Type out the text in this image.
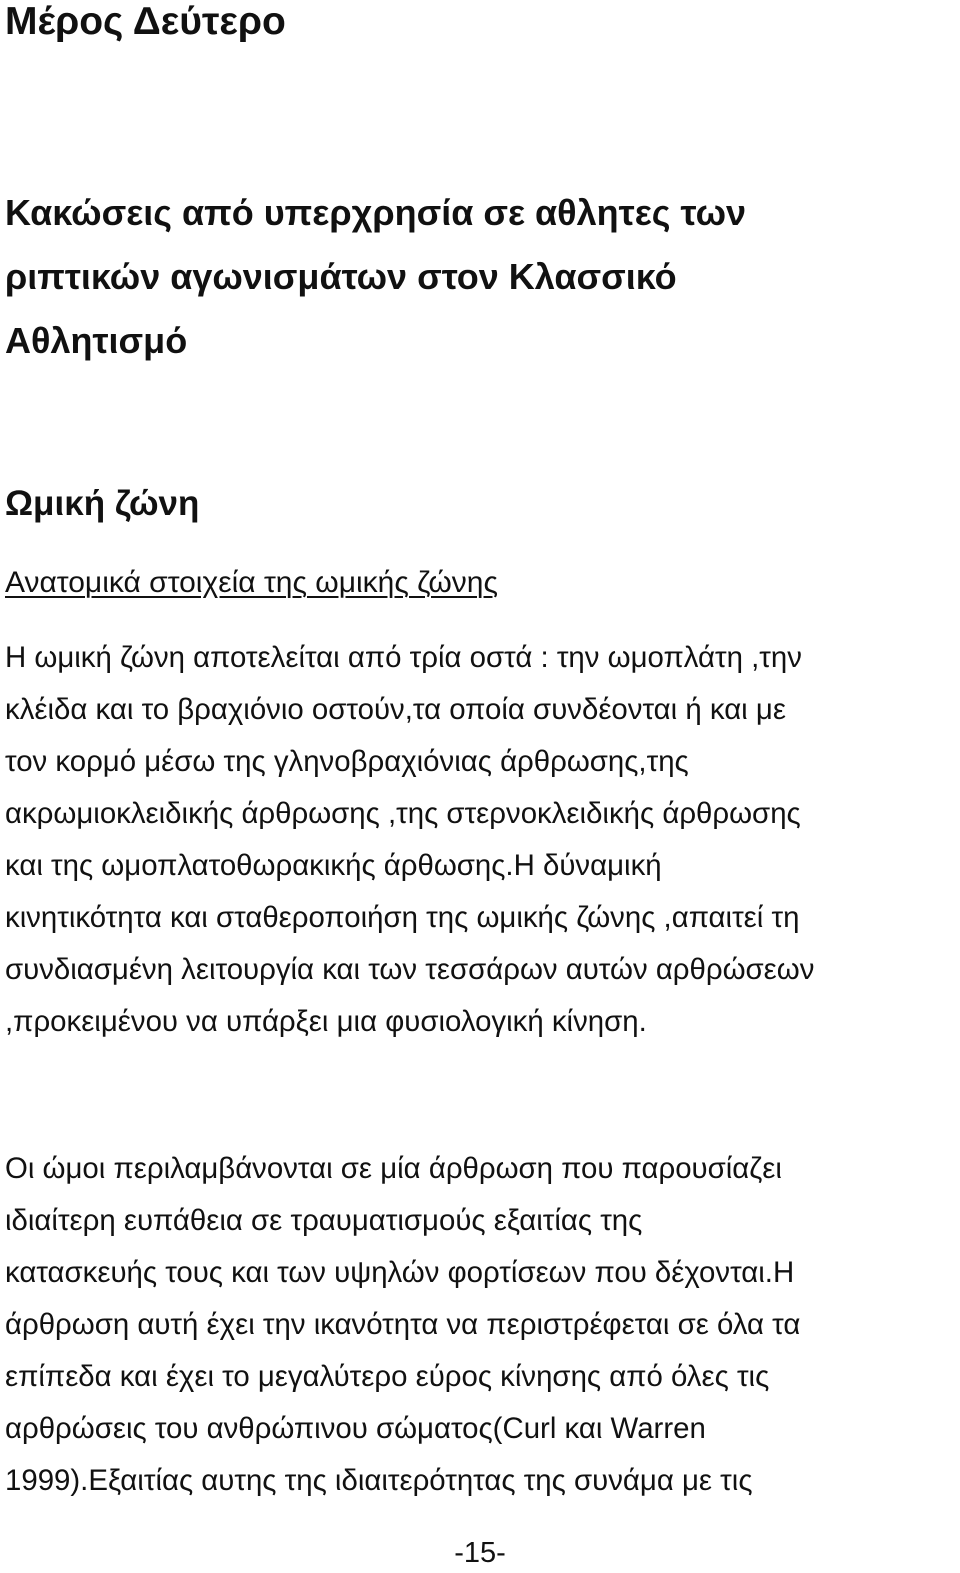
Μέρος Δεύτερο
Κακώσεις από υπερχρησία σε αθλητες των
ριπτικών αγωνισμάτων στον Κλασσικό
Αθλητισμό
Ωμική ζώνη
Ανατομικά στοιχεία της ωμικής ζώνης

Η ωμική ζώνη αποτελείται από τρία οστά : την ωμοπλάτη ,την
κλέιδα και το βραχιόνιο οστούν,τα οποία συνδέονται ή και με
τον κορμό μέσω της γληνοβραχιόνιας άρθρωσης,της
ακρωμιοκλειδικής άρθρωσης ,της στερνοκλειδικής άρθρωσης
και της ωμοπλατοθωρακικής άρθωσης.Η δύναμική
κινητικότητα και σταθεροποιήση της ωμικής ζώνης ,απαιτεί τη
συνδιασμένη λειτουργία και των τεσσάρων αυτών αρθρώσεων
,προκειμένου να υπάρξει μια φυσιολογική κίνηση.

Οι ώμοι περιλαμβάνονται σε μία άρθρωση που παρουσίαζει
ιδιαίτερη ευπάθεια σε τραυματισμούς εξαιτίας της
κατασκευής τους και των υψηλών φορτίσεων που δέχονται.Η
άρθρωση αυτή έχει την ικανότητα να περιστρέφεται σε όλα τα
επίπεδα και έχει το μεγαλύτερο εύρος κίνησης από όλες τις
αρθρώσεις του ανθρώπινου σώματος(Curl και Warren
1999).Εξαιτίας αυτης της ιδιαιτερότητας της συνάμα με τις

-15-
